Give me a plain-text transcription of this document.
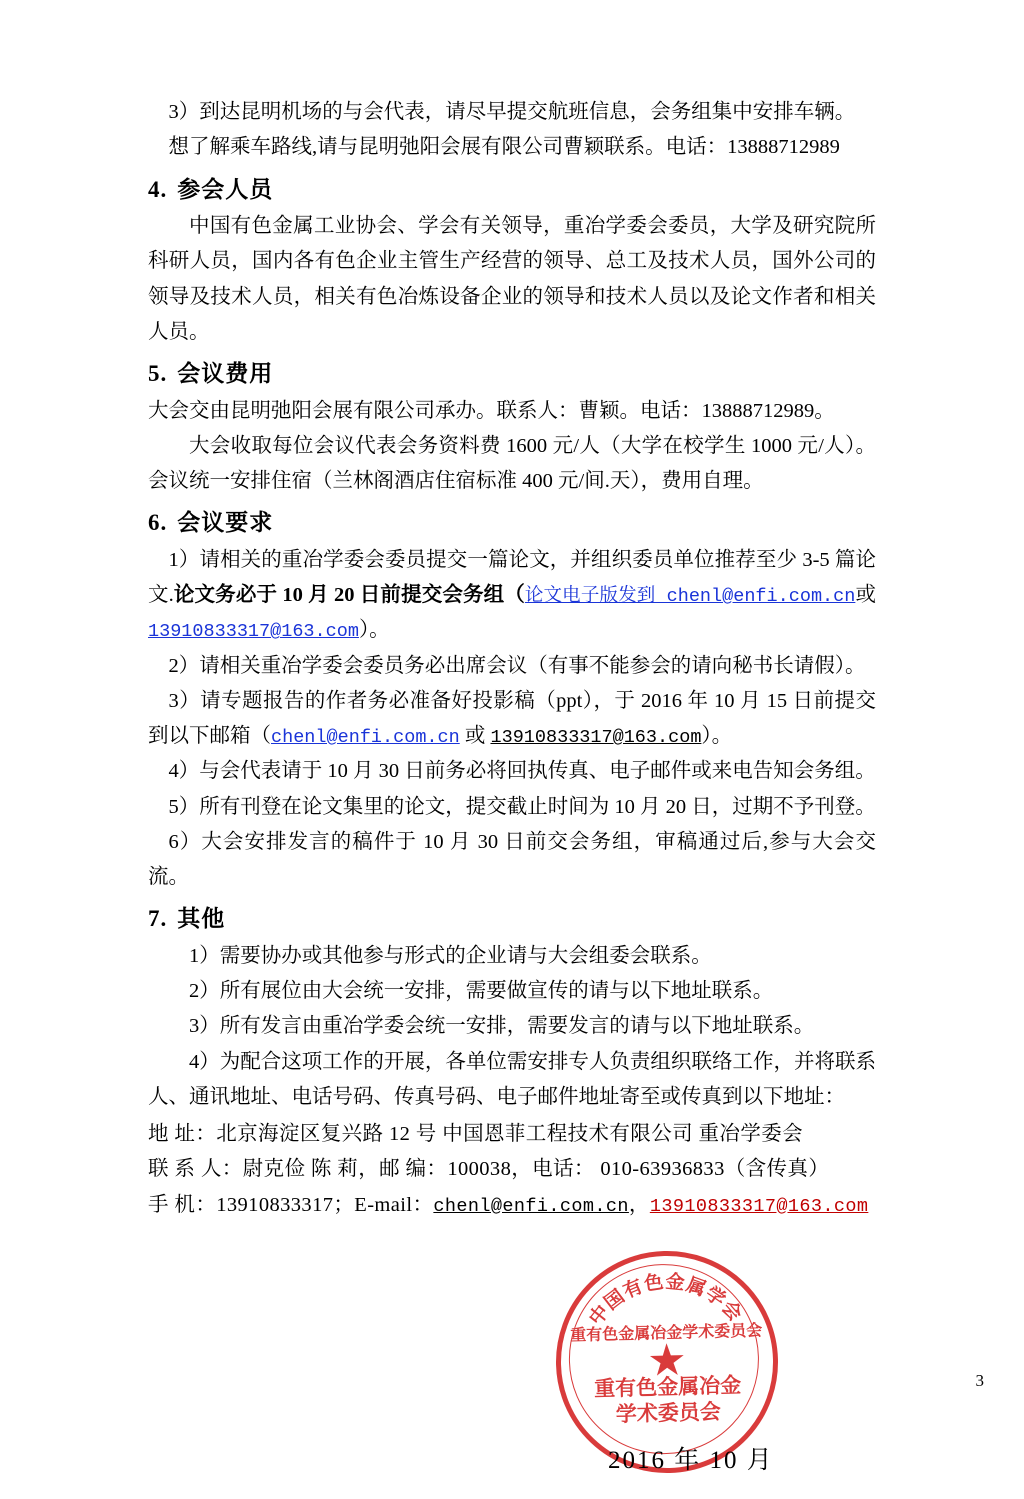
3）到达昆明机场的与会代表，请尽早提交航班信息，会务组集中安排车辆。

想了解乘车路线,请与昆明弛阳会展有限公司曹颖联系。电话：13888712989

4. 参会人员

中国有色金属工业协会、学会有关领导，重冶学委会委员，大学及研究院所科研人员，国内各有色企业主管生产经营的领导、总工及技术人员，国外公司的领导及技术人员，相关有色冶炼设备企业的领导和技术人员以及论文作者和相关人员。

5. 会议费用

大会交由昆明弛阳会展有限公司承办。联系人：曹颖。电话：13888712989。

大会收取每位会议代表会务资料费 1600 元/人（大学在校学生 1000 元/人）。会议统一安排住宿（兰林阁酒店住宿标准 400 元/间.天），费用自理。

6. 会议要求

1）请相关的重冶学委会委员提交一篇论文，并组织委员单位推荐至少 3-5 篇论文.论文务必于 10 月 20 日前提交会务组（论文电子版发到 chenl@enfi.com.cn或 13910833317@163.com）。

2）请相关重冶学委会委员务必出席会议（有事不能参会的请向秘书长请假）。

3）请专题报告的作者务必准备好投影稿（ppt），于 2016 年 10 月 15 日前提交到以下邮箱（chenl@enfi.com.cn 或 13910833317@163.com）。

4）与会代表请于 10 月 30 日前务必将回执传真、电子邮件或来电告知会务组。

5）所有刊登在论文集里的论文，提交截止时间为 10 月 20 日，过期不予刊登。

6）大会安排发言的稿件于 10 月 30 日前交会务组，审稿通过后,参与大会交流。

7. 其他

1）需要协办或其他参与形式的企业请与大会组委会联系。

2）所有展位由大会统一安排，需要做宣传的请与以下地址联系。

3）所有发言由重冶学委会统一安排，需要发言的请与以下地址联系。

4）为配合这项工作的开展，各单位需安排专人负责组织联络工作，并将联系人、通讯地址、电话号码、传真号码、电子邮件地址寄至或传真到以下地址：

地 址：北京海淀区复兴路 12 号 中国恩菲工程技术有限公司 重冶学委会
联 系 人：尉克俭 陈 莉，邮 编：100038，电话： 010-63936833（含传真）
手 机：13910833317；E-mail：chenl@enfi.com.cn，13910833317@163.com
中国有色金属学会
重有色金属冶金学术委员会
★
重有色金属冶金
学术委员会
2016 年 10 月
3
